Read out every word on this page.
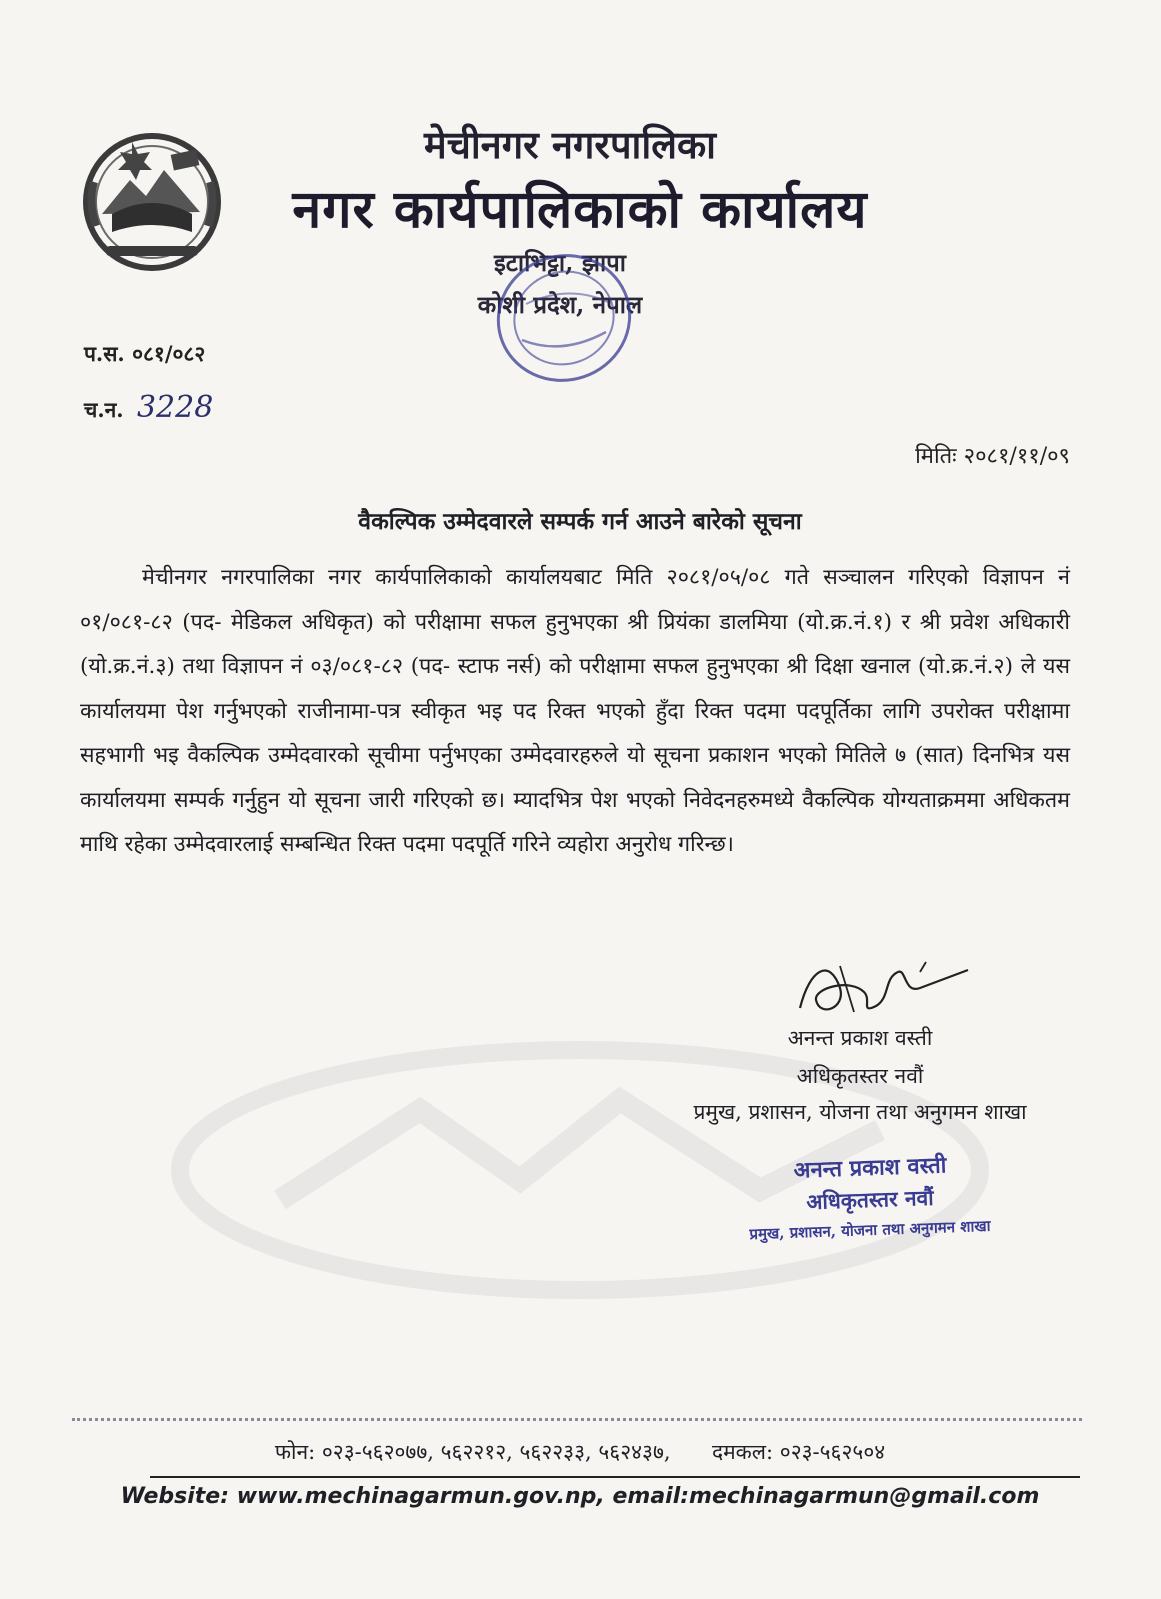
मेचीनगर नगरपालिका
नगर कार्यपालिकाको कार्यालय
इटाभिट्टा, झापा
कोशी प्रदेश, नेपाल
प.स. ०८१/०८२
च.न. 3228
मितिः २०८१/११/०९
वैकल्पिक उम्मेदवारले सम्पर्क गर्न आउने बारेको सूचना

मेचीनगर नगरपालिका नगर कार्यपालिकाको कार्यालयबाट मिति २०८१/०५/०८ गते सञ्चालन गरिएको विज्ञापन नं ०१/०८१-८२ (पद- मेडिकल अधिकृत) को परीक्षामा सफल हुनुभएका श्री प्रियंका डालमिया (यो.क्र.नं.१) र श्री प्रवेश अधिकारी (यो.क्र.नं.३) तथा विज्ञापन नं ०३/०८१-८२ (पद- स्टाफ नर्स) को परीक्षामा सफल हुनुभएका श्री दिक्षा खनाल (यो.क्र.नं.२) ले यस कार्यालयमा पेश गर्नुभएको राजीनामा-पत्र स्वीकृत भइ पद रिक्त भएको हुँदा रिक्त पदमा पदपूर्तिका लागि उपरोक्त परीक्षामा सहभागी भइ वैकल्पिक उम्मेदवारको सूचीमा पर्नुभएका उम्मेदवारहरुले यो सूचना प्रकाशन भएको मितिले ७ (सात) दिनभित्र यस कार्यालयमा सम्पर्क गर्नुहुन यो सूचना जारी गरिएको छ। म्यादभित्र पेश भएको निवेदनहरुमध्ये वैकल्पिक योग्यताक्रममा अधिकतम माथि रहेका उम्मेदवारलाई सम्बन्धित रिक्त पदमा पदपूर्ति गरिने व्यहोरा अनुरोध गरिन्छ।

अनन्त प्रकाश वस्ती
अधिकृतस्तर नवौं
प्रमुख, प्रशासन, योजना तथा अनुगमन शाखा
अनन्त प्रकाश वस्ती
अधिकृतस्तर नवौं
प्रमुख, प्रशासन, योजना तथा अनुगमन शाखा
फोन: ०२३-५६२०७७, ५६२२१२, ५६२२३३, ५६२४३७, दमकल: ०२३-५६२५०४
Website: www.mechinagarmun.gov.np, email:mechinagarmun@gmail.com
